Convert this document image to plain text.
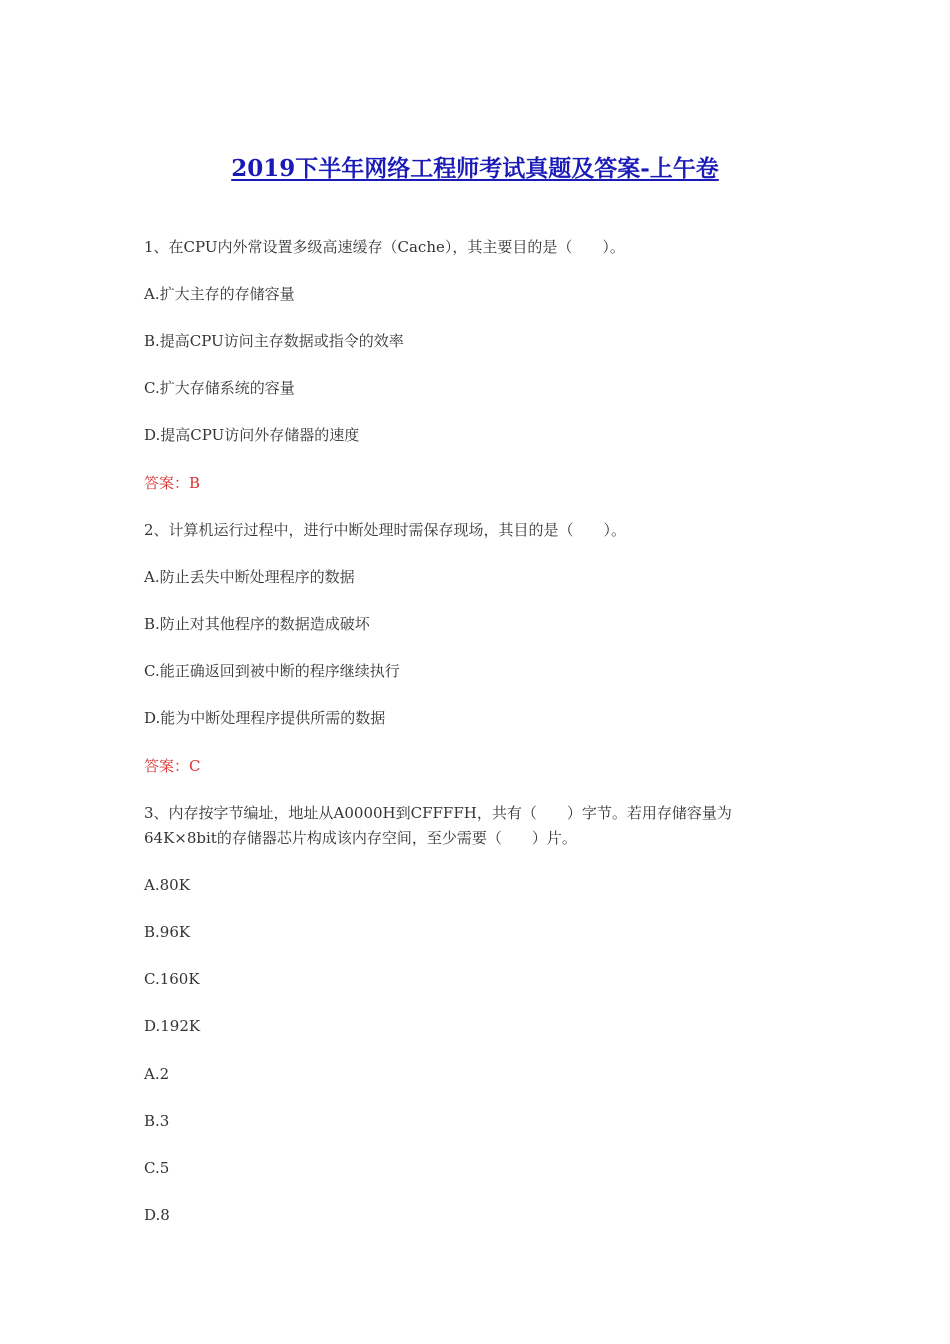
2019下半年网络工程师考试真题及答案-上午卷
1、在CPU内外常设置多级高速缓存（Cache），其主要目的是（　　）。
A.扩大主存的存储容量
B.提高CPU访问主存数据或指令的效率
C.扩大存储系统的容量
D.提高CPU访问外存储器的速度
答案：B
2、计算机运行过程中，进行中断处理时需保存现场，其目的是（　　）。
A.防止丢失中断处理程序的数据
B.防止对其他程序的数据造成破坏
C.能正确返回到被中断的程序继续执行
D.能为中断处理程序提供所需的数据
答案：C
3、内存按字节编址，地址从A0000H到CFFFFH，共有（　　）字节。若用存储容量为
64K×8bit的存储器芯片构成该内存空间，至少需要（　　）片。
A.80K
B.96K
C.160K
D.192K
A.2
B.3
C.5
D.8
